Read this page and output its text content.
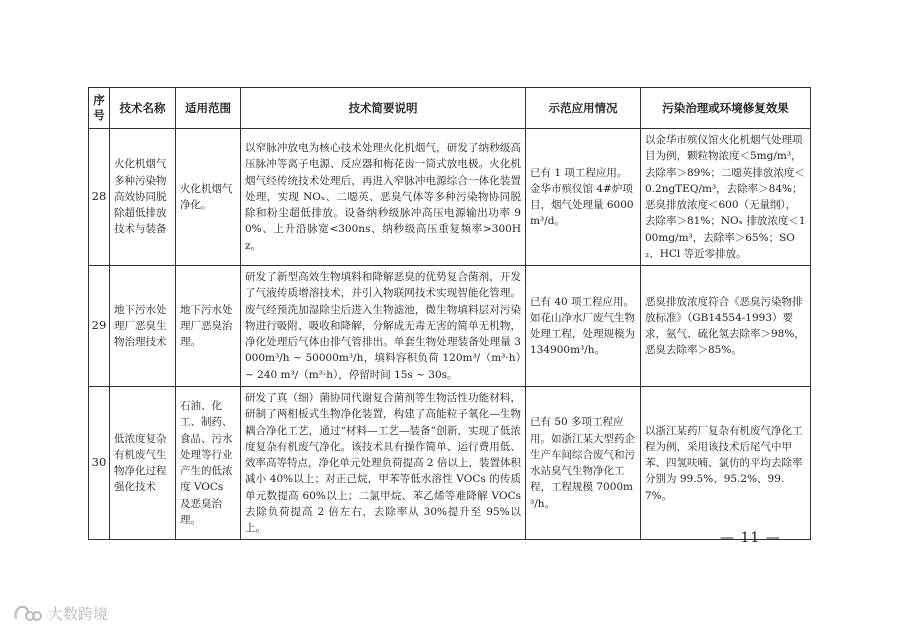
序号	技术名称	适用范围	技术简要说明	示范应用情况	污染治理或环境修复效果
28	火化机烟气多种污染物高效协同脱除超低排放技术与装备	火化机烟气净化。	以窄脉冲放电为核心技术处理火化机烟气，研发了纳秒级高压脉冲等离子电源、反应器和梅花齿一筒式放电极。火化机烟气经传统技术处理后，再进入窄脉冲电源综合一体化装置处理，实现 NOₓ、二噁英、恶臭气体等多种污染物协同脱除和粉尘超低排放。设备纳秒级脉冲高压电源输出功率 90%、上升沿脉宽<300ns、纳秒级高压重复频率>300Hz。	已有 1 项工程应用。金华市殡仪馆 4#炉项目，烟气处理量 6000m³/d。	以金华市殡仪馆火化机烟气处理项目为例，颗粒物浓度＜5mg/m³，去除率＞89%；二噁英排放浓度＜0.2ngTEQ/m³，去除率＞84%；恶臭排放浓度＜600（无量纲），去除率＞81%；NOₓ 排放浓度＜100mg/m³，去除率＞65%；SO₂、HCl 等近零排放。
29	地下污水处理厂恶臭生物治理技术	地下污水处理厂恶臭治理。	研发了新型高效生物填料和降解恶臭的优势复合菌剂，开发了气液传质增溶技术，并引入物联网技术实现智能化管理。废气经预洗加湿除尘后进入生物滤池，微生物填料层对污染物进行吸附、吸收和降解，分解成无毒无害的简单无机物，净化处理后气体由排气管排出。单套生物处理装备处理量 3000m³/h ~ 50000m³/h，填料容积负荷 120m³/（m³·h）~ 240 m³/（m³·h），停留时间 15s ~ 30s。	已有 40 项工程应用。如花山净水厂废气生物处理工程，处理规模为 134900m³/h。	恶臭排放浓度符合《恶臭污染物排放标准》（GB14554-1993）要求，氨气、硫化氢去除率＞98%，恶臭去除率＞85%。
30	低浓度复杂有机废气生物净化过程强化技术	石油、化工、制药、食品、污水处理等行业产生的低浓度 VOCs 及恶臭治理。	研发了真（细）菌协同代谢复合菌剂等生物活性功能材料，研制了两相板式生物净化装置，构建了高能粒子氧化—生物耦合净化工艺，通过“材料—工艺—装备”创新，实现了低浓度复杂有机废气净化。该技术具有操作简单、运行费用低、效率高等特点，净化单元处理负荷提高 2 倍以上，装置体积减小 40%以上；对正己烷，甲苯等低水溶性 VOCs 的传质单元数提高 60%以上；二氯甲烷、苯乙烯等难降解 VOCs 去除负荷提高 2 倍左右，去除率从 30%提升至 95%以上。	已有 50 多项工程应用。如浙江某大型药企生产车间综合废气和污水站臭气生物净化工程，工程规模 7000m³/h。	以浙江某药厂复杂有机废气净化工程为例，采用该技术后尾气中甲苯、四氢呋喃、氯仿的平均去除率分别为 99.5%、95.2%、99.7%。
— 11 —
大数跨境
